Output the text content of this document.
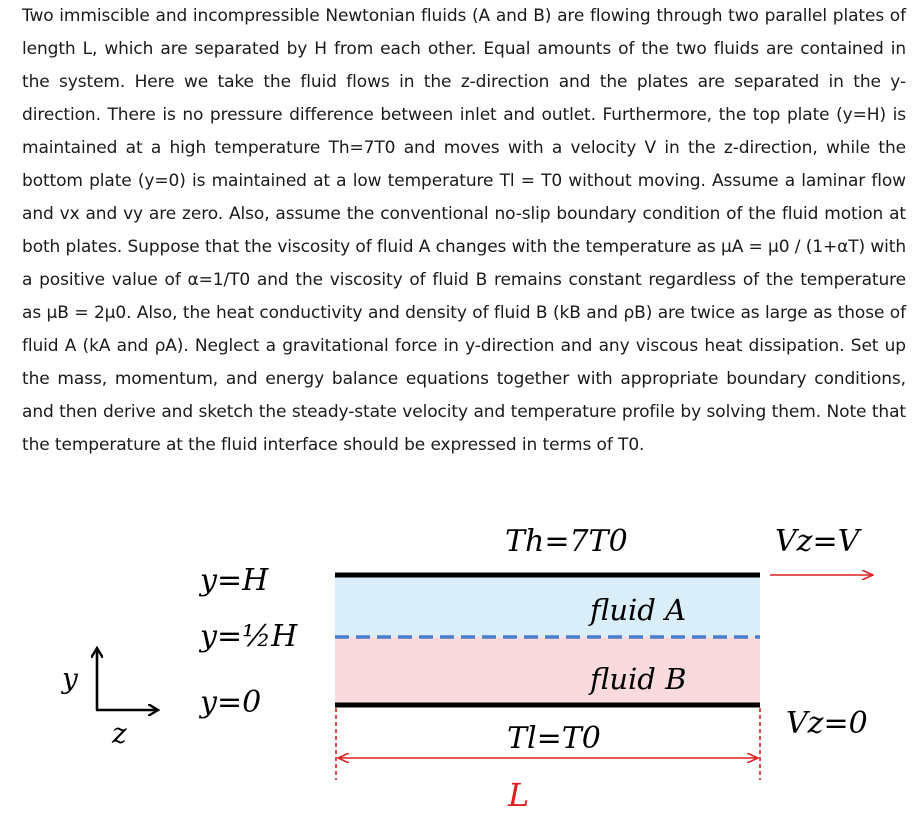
Two immiscible and incompressible Newtonian fluids (A and B) are flowing through two parallel plates of length L, which are separated by H from each other. Equal amounts of the two fluids are contained in the system. Here we take the fluid flows in the z-direction and the plates are separated in the y-direction. There is no pressure difference between inlet and outlet. Furthermore, the top plate (y=H) is maintained at a high temperature Th=7T0 and moves with a velocity V in the z-direction, while the bottom plate (y=0) is maintained at a low temperature Tl = T0 without moving. Assume a laminar flow and vx and vy are zero. Also, assume the conventional no-slip boundary condition of the fluid motion at both plates. Suppose that the viscosity of fluid A changes with the temperature as μA = μ0 / (1+αT) with a positive value of α=1/T0 and the viscosity of fluid B remains constant regardless of the temperature as μB = 2μ0. Also, the heat conductivity and density of fluid B (kB and ρB) are twice as large as those of fluid A (kA and ρA). Neglect a gravitational force in y-direction and any viscous heat dissipation. Set up the mass, momentum, and energy balance equations together with appropriate boundary conditions, and then derive and sketch the steady-state velocity and temperature profile by solving them. Note that the temperature at the fluid interface should be expressed in terms of T0.

Th=7T0	Vz=V
fluid A
fluid B
Tl=T0	Vz=0
y=H
y=½H
y=0
y
z
L
